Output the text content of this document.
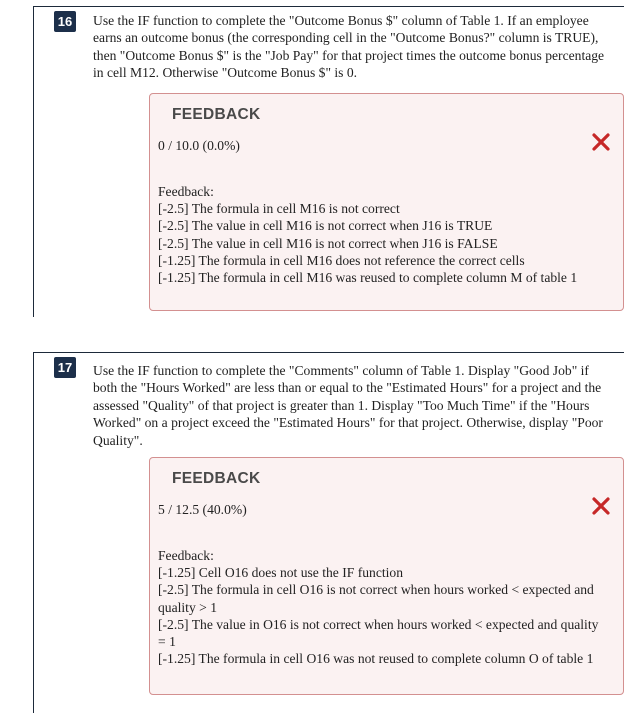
16 Use the IF function to complete the "Outcome Bonus $" column of Table 1. If an employee earns an outcome bonus (the corresponding cell in the "Outcome Bonus?" column is TRUE), then "Outcome Bonus $" is the "Job Pay" for that project times the outcome bonus percentage in cell M12. Otherwise "Outcome Bonus $" is 0.
FEEDBACK
0 / 10.0 (0.0%)
Feedback:
[-2.5] The formula in cell M16 is not correct
[-2.5] The value in cell M16 is not correct when J16 is TRUE
[-2.5] The value in cell M16 is not correct when J16 is FALSE
[-1.25] The formula in cell M16 does not reference the correct cells
[-1.25] The formula in cell M16 was reused to complete column M of table 1
17 Use the IF function to complete the "Comments" column of Table 1. Display "Good Job" if both the "Hours Worked" are less than or equal to the "Estimated Hours" for a project and the assessed "Quality" of that project is greater than 1. Display "Too Much Time" if the "Hours Worked" on a project exceed the "Estimated Hours" for that project. Otherwise, display "Poor Quality".
FEEDBACK
5 / 12.5 (40.0%)
Feedback:
[-1.25] Cell O16 does not use the IF function
[-2.5] The formula in cell O16 is not correct when hours worked < expected and quality > 1
[-2.5] The value in O16 is not correct when hours worked < expected and quality = 1
[-1.25] The formula in cell O16 was not reused to complete column O of table 1
